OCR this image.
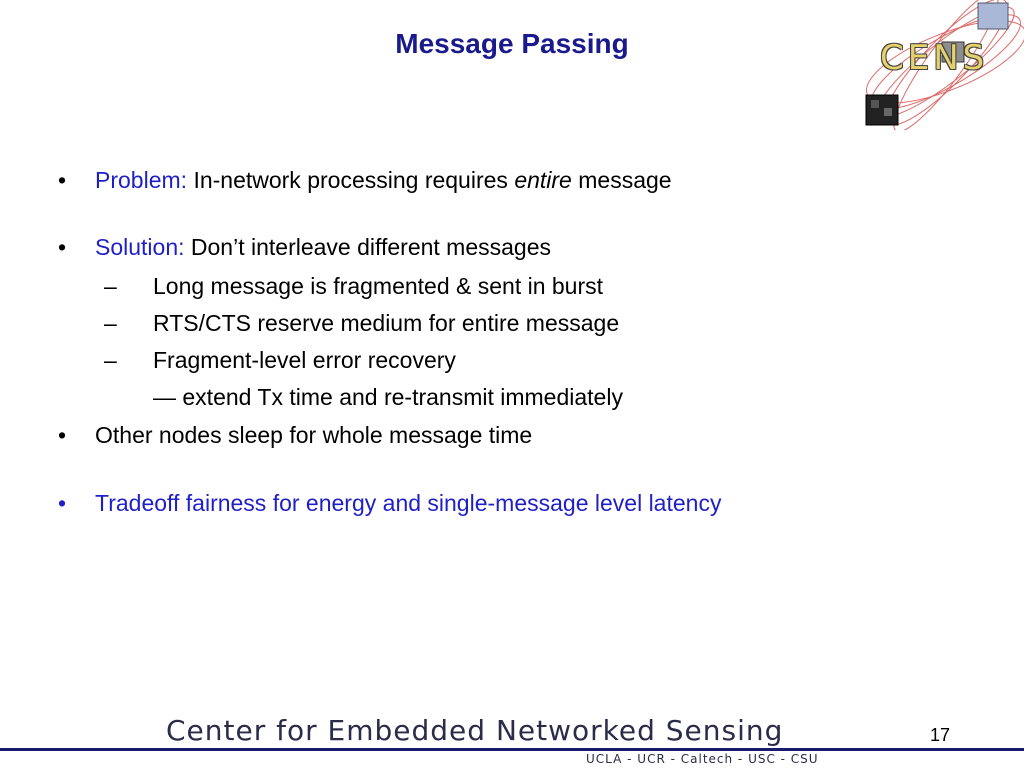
Message Passing	CENS
• Problem: In-network processing requires entire message
• Solution: Don’t interleave different messages
– Long message is fragmented & sent in burst
– RTS/CTS reserve medium for entire message
– Fragment-level error recovery
— extend Tx time and re-transmit immediately
• Other nodes sleep for whole message time
• Tradeoff fairness for energy and single-message level latency
Center for Embedded Networked Sensing	17
UCLA - UCR - Caltech - USC - CSU
